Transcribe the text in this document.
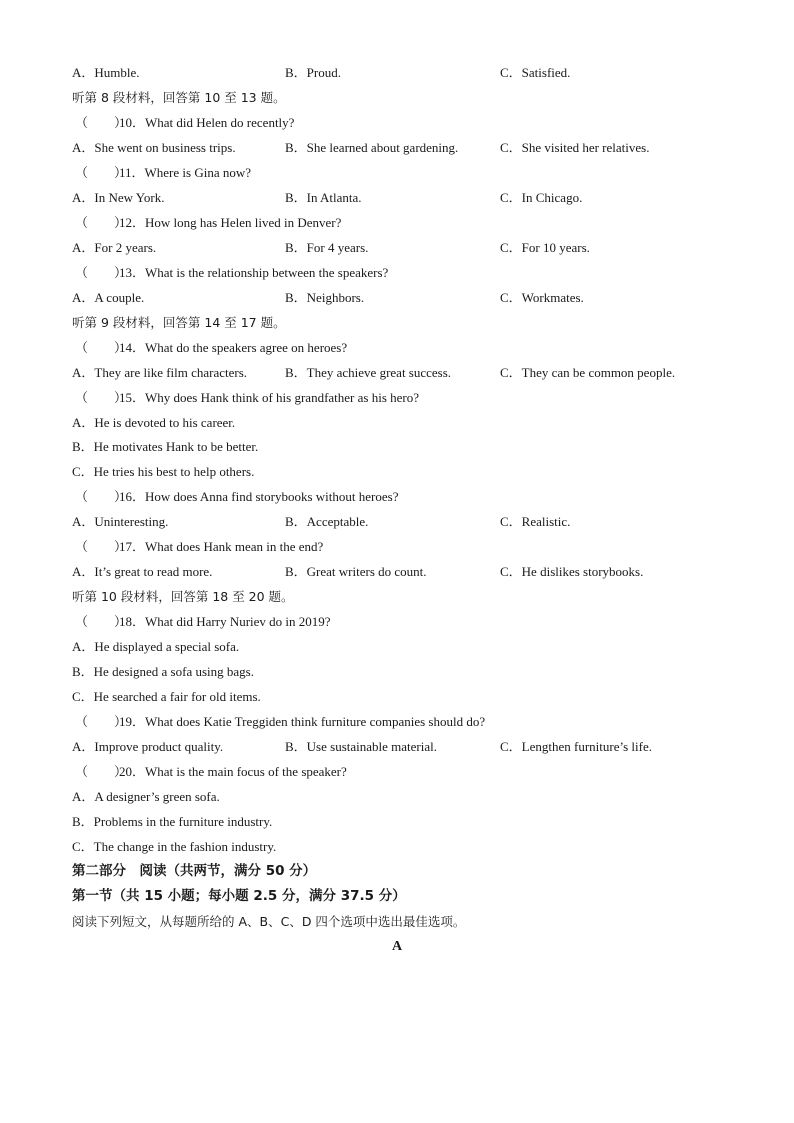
A．Humble.	B．Proud.	C．Satisfied.
听第 8 段材料，回答第 10 至 13 题。
（　　）10．What did Helen do recently?
A．She went on business trips.	B．She learned about gardening.	C．She visited her relatives.
（　　）11．Where is Gina now?
A．In New York.	B．In Atlanta.	C．In Chicago.
（　　）12．How long has Helen lived in Denver?
A．For 2 years.	B．For 4 years.	C．For 10 years.
（　　）13．What is the relationship between the speakers?
A．A couple.	B．Neighbors.	C．Workmates.
听第 9 段材料，回答第 14 至 17 题。
（　　）14．What do the speakers agree on heroes?
A．They are like film characters.	B．They achieve great success.	C．They can be common people.
（　　）15．Why does Hank think of his grandfather as his hero?
A．He is devoted to his career.
B．He motivates Hank to be better.
C．He tries his best to help others.
（　　）16．How does Anna find storybooks without heroes?
A．Uninteresting.	B．Acceptable.	C．Realistic.
（　　）17．What does Hank mean in the end?
A．It’s great to read more.	B．Great writers do count.	C．He dislikes storybooks.
听第 10 段材料，回答第 18 至 20 题。
（　　）18．What did Harry Nuriev do in 2019?
A．He displayed a special sofa.
B．He designed a sofa using bags.
C．He searched a fair for old items.
（　　）19．What does Katie Treggiden think furniture companies should do?
A．Improve product quality.	B．Use sustainable material.	C．Lengthen furniture’s life.
（　　）20．What is the main focus of the speaker?
A．A designer’s green sofa.
B．Problems in the furniture industry.
C．The change in the fashion industry.
第二部分　阅读（共两节，满分 50 分）
第一节（共 15 小题；每小题 2.5 分，满分 37.5 分）
阅读下列短文，从每题所给的 A、B、C、D 四个选项中选出最佳选项。
A
